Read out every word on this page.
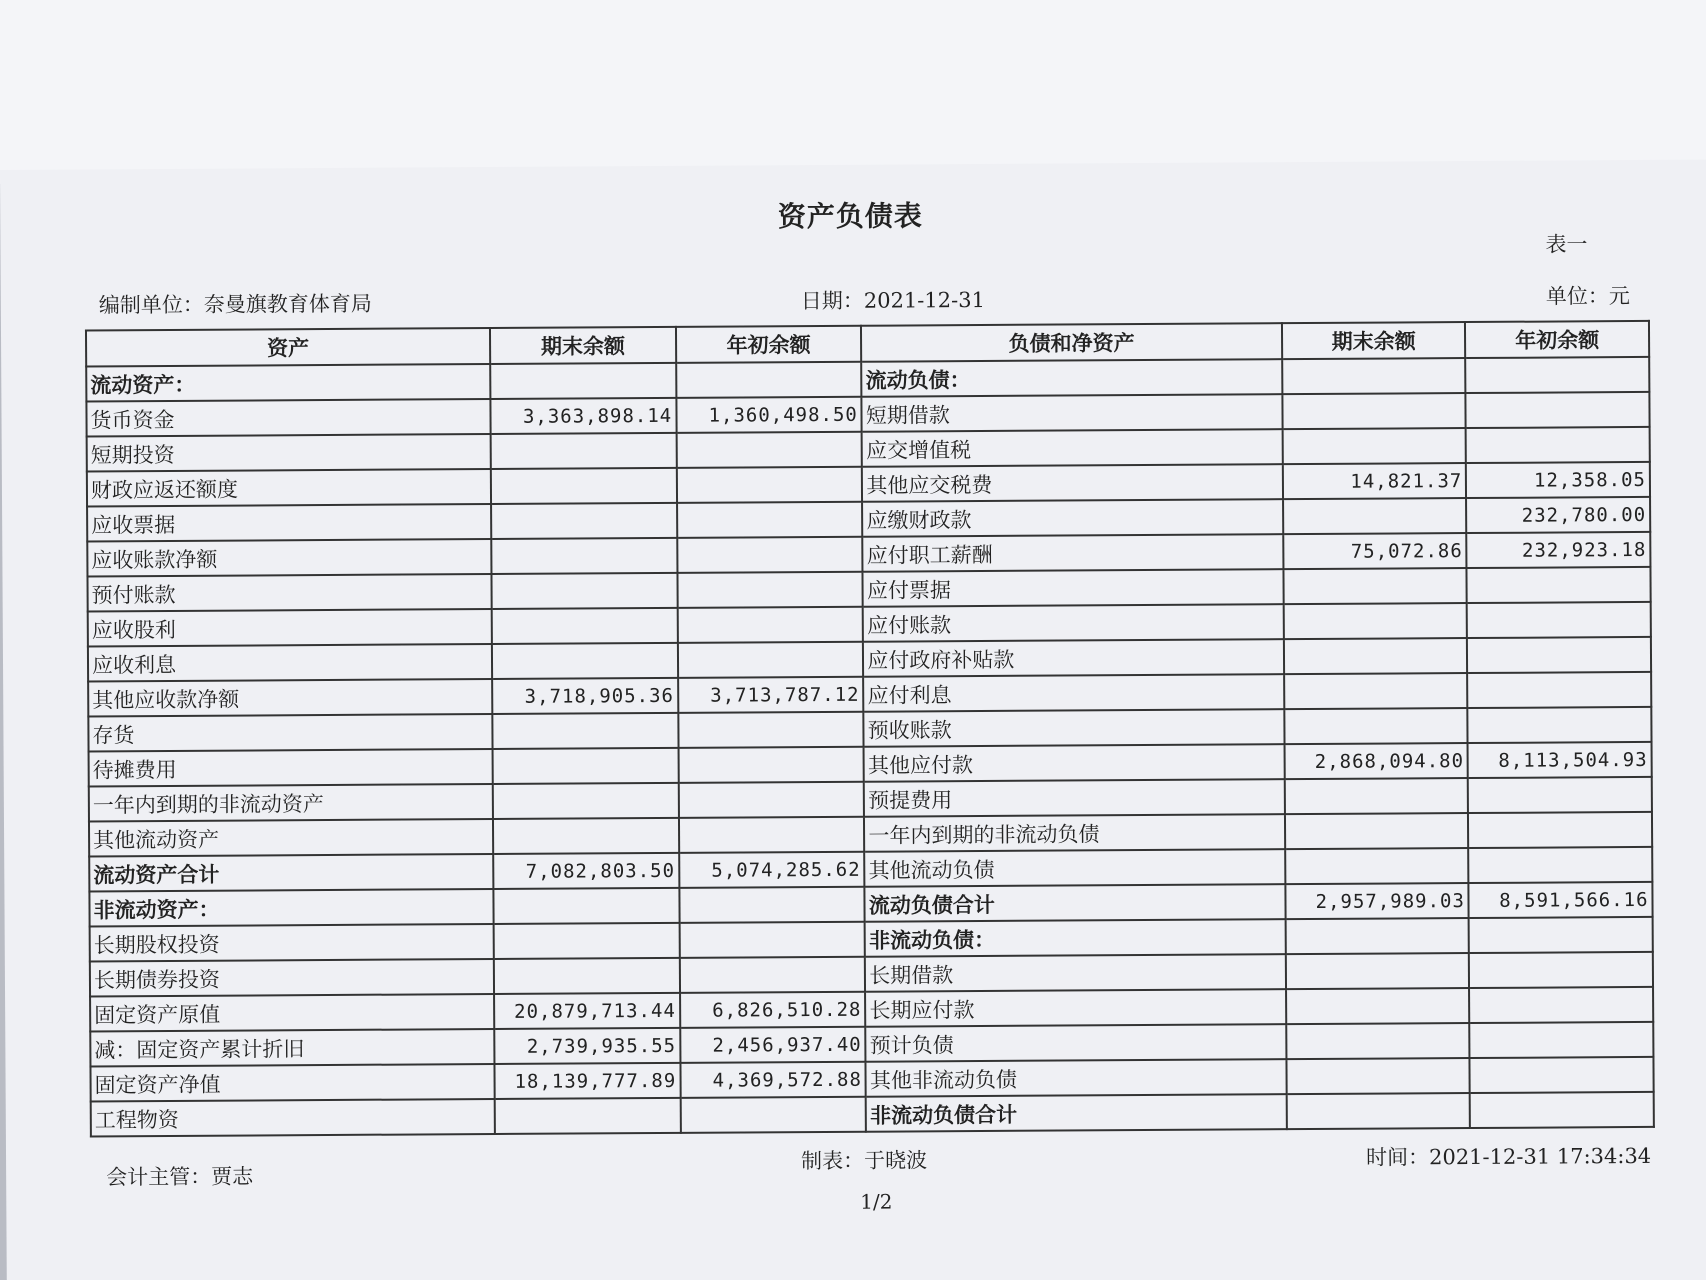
资产负债表
表一
编制单位：奈曼旗教育体育局	日期：2021-12-31	单位：元
资产	期末余额	年初余额	负债和净资产	期末余额	年初余额
流动资产：			流动负债：		
货币资金	3,363,898.14	1,360,498.50	短期借款		
短期投资			应交增值税		
财政应返还额度			其他应交税费	14,821.37	12,358.05
应收票据			应缴财政款		232,780.00
应收账款净额			应付职工薪酬	75,072.86	232,923.18
预付账款			应付票据		
应收股利			应付账款		
应收利息			应付政府补贴款		
其他应收款净额	3,718,905.36	3,713,787.12	应付利息		
存货			预收账款		
待摊费用			其他应付款	2,868,094.80	8,113,504.93
一年内到期的非流动资产			预提费用		
其他流动资产			一年内到期的非流动负债		
流动资产合计	7,082,803.50	5,074,285.62	其他流动负债		
非流动资产：			流动负债合计	2,957,989.03	8,591,566.16
长期股权投资			非流动负债：		
长期债券投资			长期借款		
固定资产原值	20,879,713.44	6,826,510.28	长期应付款		
减：固定资产累计折旧	2,739,935.55	2,456,937.40	预计负债		
固定资产净值	18,139,777.89	4,369,572.88	其他非流动负债		
工程物资			非流动负债合计		
会计主管：贾志
制表：于晓波	时间：2021-12-31 17:34:34
1/2
